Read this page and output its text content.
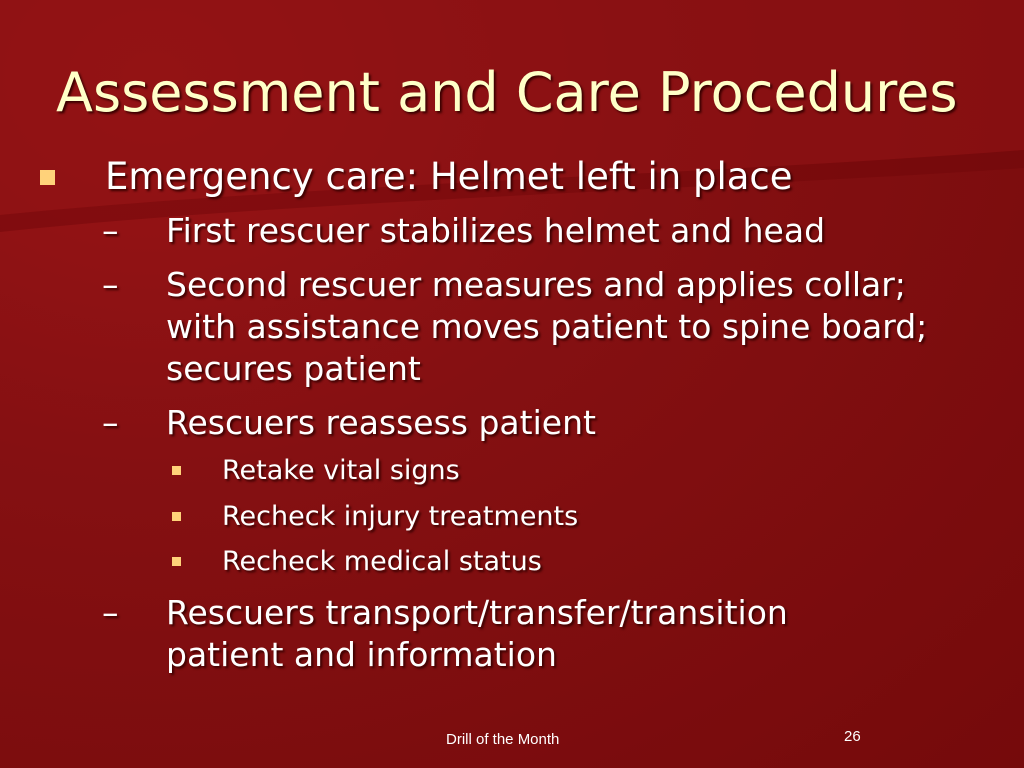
Assessment and Care Procedures
Emergency care: Helmet left in place
–	First rescuer stabilizes helmet and head
–	Second rescuer measures and applies collar; with assistance moves patient to spine board; secures patient
–	Rescuers reassess patient
Retake vital signs
Recheck injury treatments
Recheck medical status
–	Rescuers transport/transfer/transition patient and information
Drill of the Month	26
